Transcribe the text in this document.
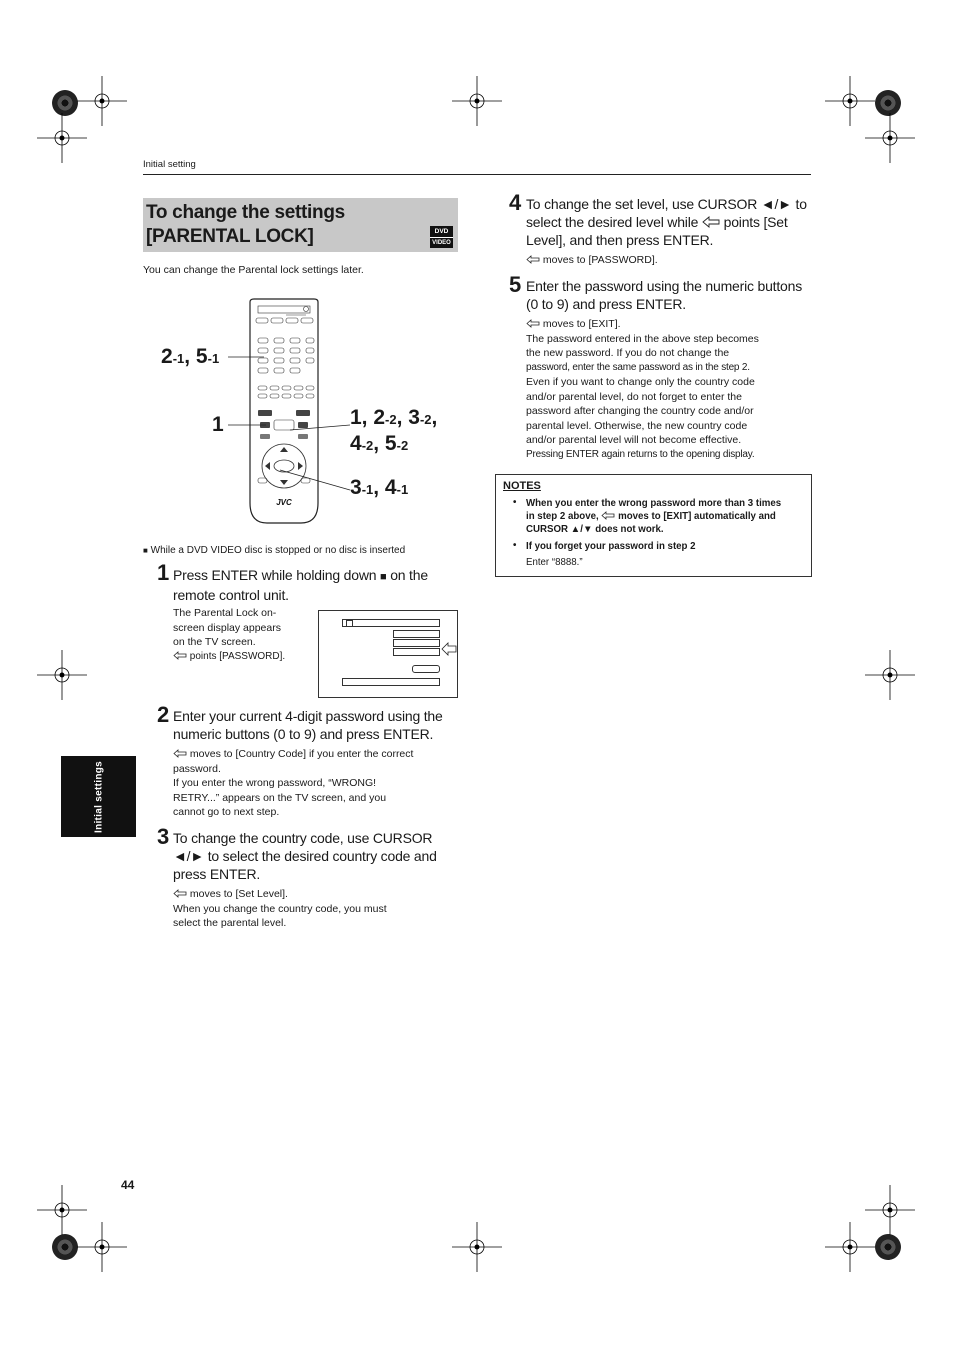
Initial setting
To change the settings [PARENTAL LOCK]	DVD
VIDEO
You can change the Parental lock settings later.
JVC
2-1, 5-1
1	1, 2-2, 3-2,
4-2, 5-2
3-1, 4-1
■ While a DVD VIDEO disc is stopped or no disc is inserted
1 Press ENTER while holding down ■ on the
remote control unit.
The Parental Lock on-
screen display appears
on the TV screen.
points [PASSWORD].
2 Enter your current 4-digit password using the
numeric buttons (0 to 9) and press ENTER.
moves to [Country Code] if you enter the correct
password.
If you enter the wrong password, “WRONG!
RETRY...” appears on the TV screen, and you
cannot go to next step.
3 To change the country code, use CURSOR
◄/► to select the desired country code and
press ENTER.
moves to [Set Level].
When you change the country code, you must
select the parental level.
4 To change the set level, use CURSOR ◄/► to
select the desired level while points [Set
Level], and then press ENTER.
moves to [PASSWORD].
5 Enter the password using the numeric buttons
(0 to 9) and press ENTER.
moves to [EXIT].
The password entered in the above step becomes
the new password. If you do not change the
password, enter the same password as in the step 2.
Even if you want to change only the country code
and/or parental level, do not forget to enter the
password after changing the country code and/or
parental level. Otherwise, the new country code
and/or parental level will not become effective.
Pressing ENTER again returns to the opening display.
NOTES
• When you enter the wrong password more than 3 times
in step 2 above, moves to [EXIT] automatically and
CURSOR ▲/▼ does not work.
• If you forget your password in step 2
Enter “8888.”
Initial settings
44
